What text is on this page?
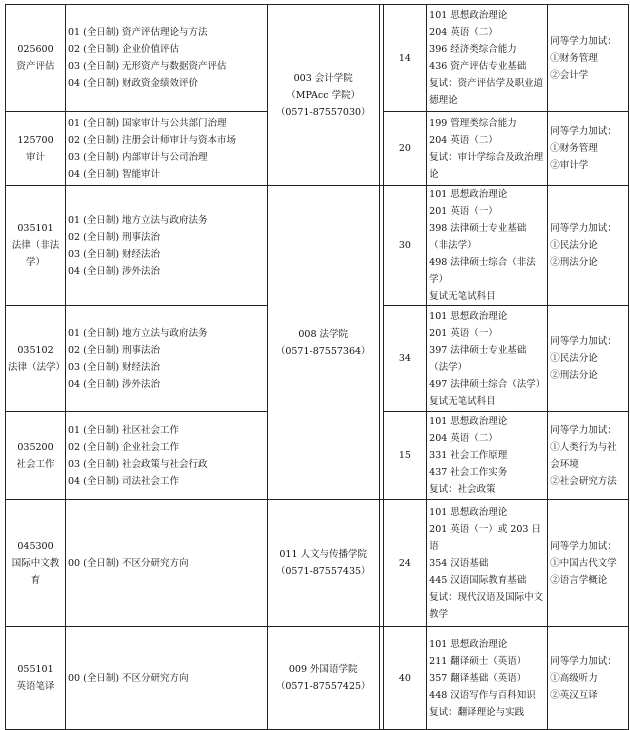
025600
资产评估	01 (全日制) 资产评估理论与方法
02 (全日制) 企业价值评估
03 (全日制) 无形资产与数据资产评估
04 (全日制) 财政资金绩效评价	003 会计学院
（MPAcc 学院）
（0571-87557030）		14	101 思想政治理论
204 英语（二）
396 经济类综合能力
436 资产评估专业基础
复试：资产评估学及职业道德理论	同等学力加试：
①财务管理
②会计学

125700
审计	01 (全日制) 国家审计与公共部门治理
02 (全日制) 注册会计师审计与资本市场
03 (全日制) 内部审计与公司治理
04 (全日制) 智能审计			20	199 管理类综合能力
204 英语（二）
复试：审计学综合及政治理论	同等学力加试：
①财务管理
②审计学

035101
法律（非法学）	01 (全日制) 地方立法与政府法务
02 (全日制) 刑事法治
03 (全日制) 财经法治
04 (全日制) 涉外法治	008 法学院
（0571-87557364）		30	101 思想政治理论
201 英语（一）
398 法律硕士专业基础（非法学）
498 法律硕士综合（非法学）
复试无笔试科目	同等学力加试：
①民法分论
②刑法分论

035102
法律（法学）	01 (全日制) 地方立法与政府法务
02 (全日制) 刑事法治
03 (全日制) 财经法治
04 (全日制) 涉外法治			34	101 思想政治理论
201 英语（一）
397 法律硕士专业基础（法学）
497 法律硕士综合（法学）
复试无笔试科目	同等学力加试：
①民法分论
②刑法分论

035200
社会工作	01 (全日制) 社区社会工作
02 (全日制) 企业社会工作
03 (全日制) 社会政策与社会行政
04 (全日制) 司法社会工作			15	101 思想政治理论
204 英语（二）
331 社会工作原理
437 社会工作实务
复试：社会政策	同等学力加试：
①人类行为与社会环境
②社会研究方法

045300
国际中文教育	00 (全日制) 不区分研究方向	011 人文与传播学院
（0571-87557435）		24	101 思想政治理论
201 英语（一）或 203 日语
354 汉语基础
445 汉语国际教育基础
复试：现代汉语及国际中文教学	同等学力加试：
①中国古代文学
②语言学概论

055101
英语笔译	00 (全日制) 不区分研究方向	009 外国语学院
（0571-87557425）		40	101 思想政治理论
211 翻译硕士（英语）
357 翻译基础（英语）
448 汉语写作与百科知识
复试：翻译理论与实践	同等学力加试：
①高级听力
②英汉互译
